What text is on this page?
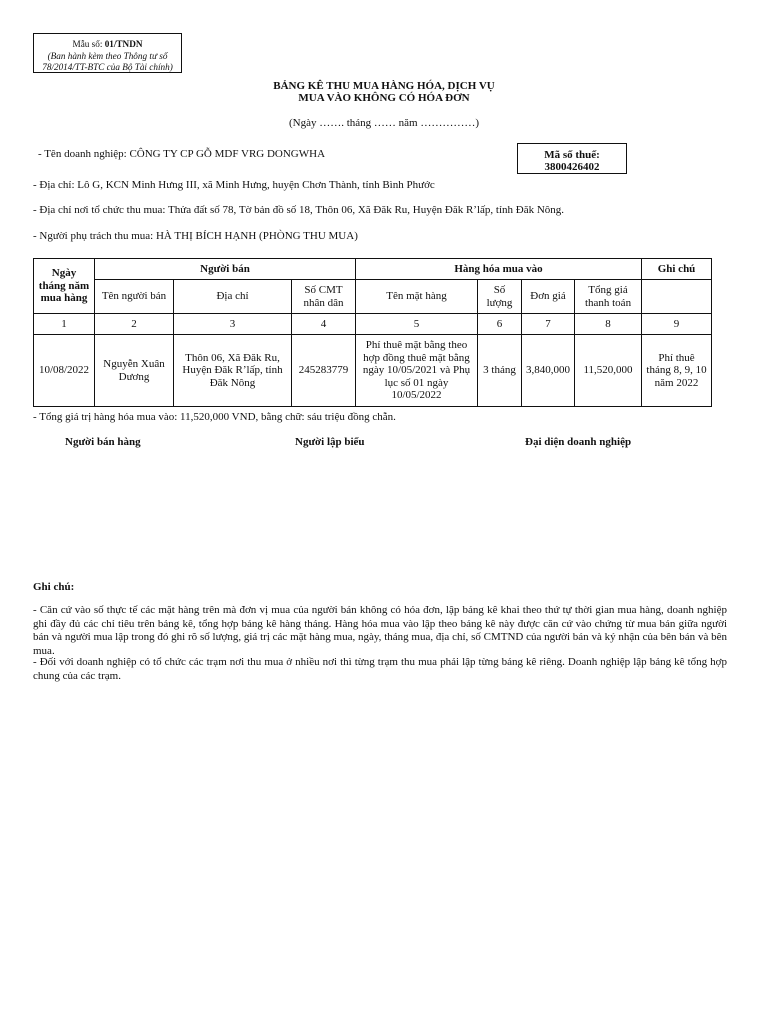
Mẫu số: 01/TNDN
(Ban hành kèm theo Thông tư số
78/2014/TT-BTC của Bộ Tài chính)
BẢNG KÊ THU MUA HÀNG HÓA, DỊCH VỤ
MUA VÀO KHÔNG CÓ HÓA ĐƠN
(Ngày ……. tháng …… năm ……………)
- Tên doanh nghiệp: CÔNG TY CP GỖ MDF VRG DONGWHA	Mã số thuế:
3800426402
- Địa chỉ: Lô G, KCN Minh Hưng III, xã Minh Hưng, huyện Chơn Thành, tỉnh Bình Phước
- Địa chỉ nơi tổ chức thu mua: Thửa đất số 78, Tờ bản đồ số 18, Thôn 06, Xã Đăk Ru, Huyện Đăk R’lấp, tỉnh Đăk Nông.
- Người phụ trách thu mua: HÀ THỊ BÍCH HẠNH (PHÒNG THU MUA)
Ngày tháng năm mua hàng	Người bán			Hàng hóa mua vào				Ghi chú
	Tên người bán	Địa chỉ	Số CMT nhân dân	Tên mặt hàng	Số lượng	Đơn giá	Tổng giá thanh toán	
1	2	3	4	5	6	7	8	9
10/08/2022	Nguyễn Xuân Dương	Thôn 06, Xã Đăk Ru, Huyện Đăk R’lấp, tỉnh Đăk Nông	245283779	Phí thuê mặt bằng theo hợp đồng thuê mặt bằng ngày 10/05/2021 và Phụ lục số 01 ngày 10/05/2022	3 tháng	3,840,000	11,520,000	Phí thuê tháng 8, 9, 10 năm 2022
- Tổng giá trị hàng hóa mua vào: 11,520,000 VND, bằng chữ: sáu triệu đồng chẵn.
Người bán hàng	Người lập biểu	Đại diện doanh nghiệp
Ghi chú:
- Căn cứ vào số thực tế các mặt hàng trên mà đơn vị mua của người bán không có hóa đơn, lập bảng kê khai theo thứ tự thời gian mua hàng, doanh nghiệp ghi đầy đủ các chỉ tiêu trên bảng kê, tổng hợp bảng kê hàng tháng. Hàng hóa mua vào lập theo bảng kê này được căn cứ vào chứng từ mua bán giữa người bán và người mua lập trong đó ghi rõ số lượng, giá trị các mặt hàng mua, ngày, tháng mua, địa chỉ, số CMTND của người bán và ký nhận của bên bán và bên mua.
- Đối với doanh nghiệp có tổ chức các trạm nơi thu mua ở nhiều nơi thì từng trạm thu mua phải lập từng bảng kê riêng. Doanh nghiệp lập bảng kê tổng hợp chung của các trạm.
